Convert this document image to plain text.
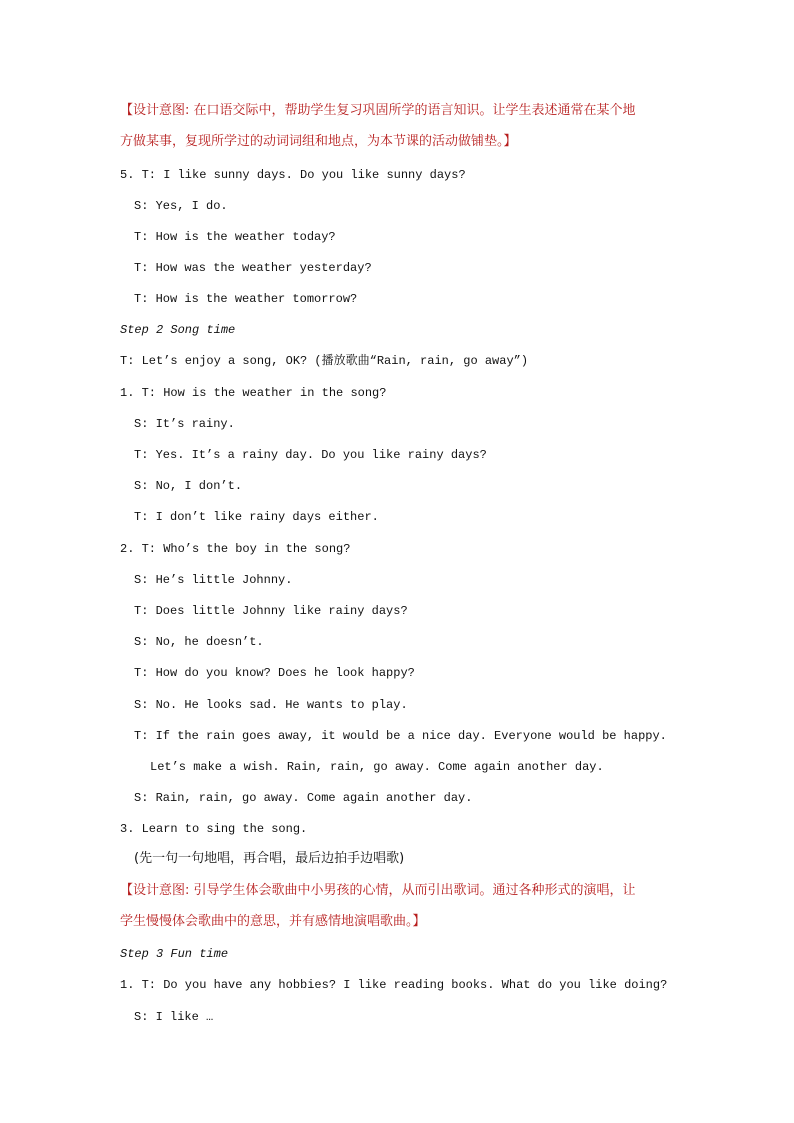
【设计意图: 在口语交际中，帮助学生复习巩固所学的语言知识。让学生表述通常在某个地
方做某事，复现所学过的动词词组和地点，为本节课的活动做铺垫。】
5. T: I like sunny days. Do you like sunny days?
S: Yes, I do.
T: How is the weather today?
T: How was the weather yesterday?
T: How is the weather tomorrow?
Step 2 Song time
T: Let’s enjoy a song, OK? (播放歌曲“Rain, rain, go away”)
1. T: How is the weather in the song?
S: It’s rainy.
T: Yes. It’s a rainy day. Do you like rainy days?
S: No, I don’t.
T: I don’t like rainy days either.
2. T: Who’s the boy in the song?
S: He’s little Johnny.
T: Does little Johnny like rainy days?
S: No, he doesn’t.
T: How do you know? Does he look happy?
S: No. He looks sad. He wants to play.
T: If the rain goes away, it would be a nice day. Everyone would be happy.
Let’s make a wish. Rain, rain, go away. Come again another day.
S: Rain, rain, go away. Come again another day.
3. Learn to sing the song.
(先一句一句地唱，再合唱，最后边拍手边唱歌)
【设计意图: 引导学生体会歌曲中小男孩的心情，从而引出歌词。通过各种形式的演唱，让
学生慢慢体会歌曲中的意思，并有感情地演唱歌曲。】
Step 3 Fun time
1. T: Do you have any hobbies? I like reading books. What do you like doing?
S: I like …
